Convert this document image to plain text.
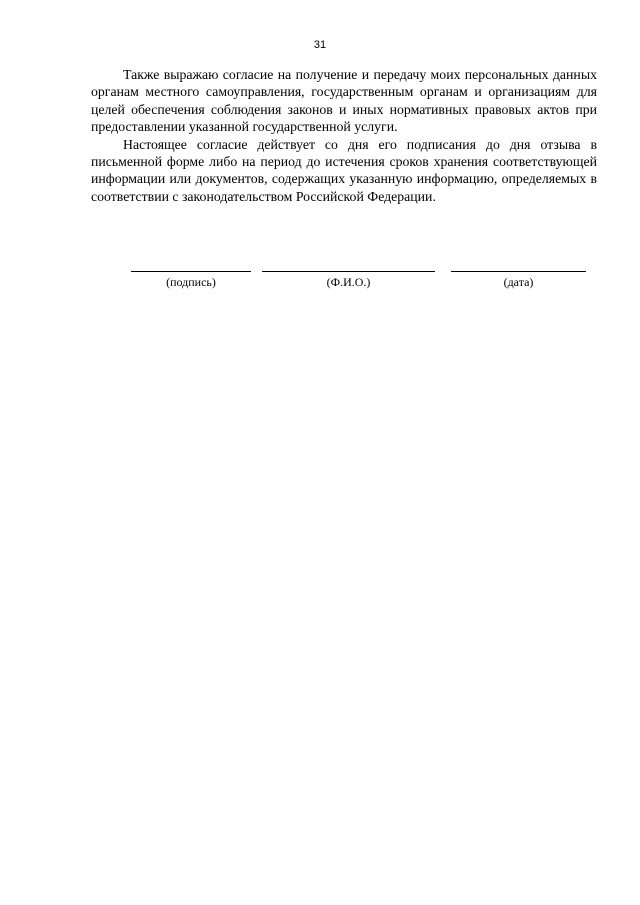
31

Также выражаю согласие на получение и передачу моих персональных данных органам местного самоуправления, государственным органам и организациям для целей обеспечения соблюдения законов и иных нормативных правовых актов при предоставлении указанной государственной услуги.

Настоящее согласие действует со дня его подписания до дня отзыва в письменной форме либо на период до истечения сроков хранения соответствующей информации или документов, содержащих указанную информацию, определяемых в соответствии с законодательством Российской Федерации.

(подпись)	(Ф.И.О.)	(дата)
